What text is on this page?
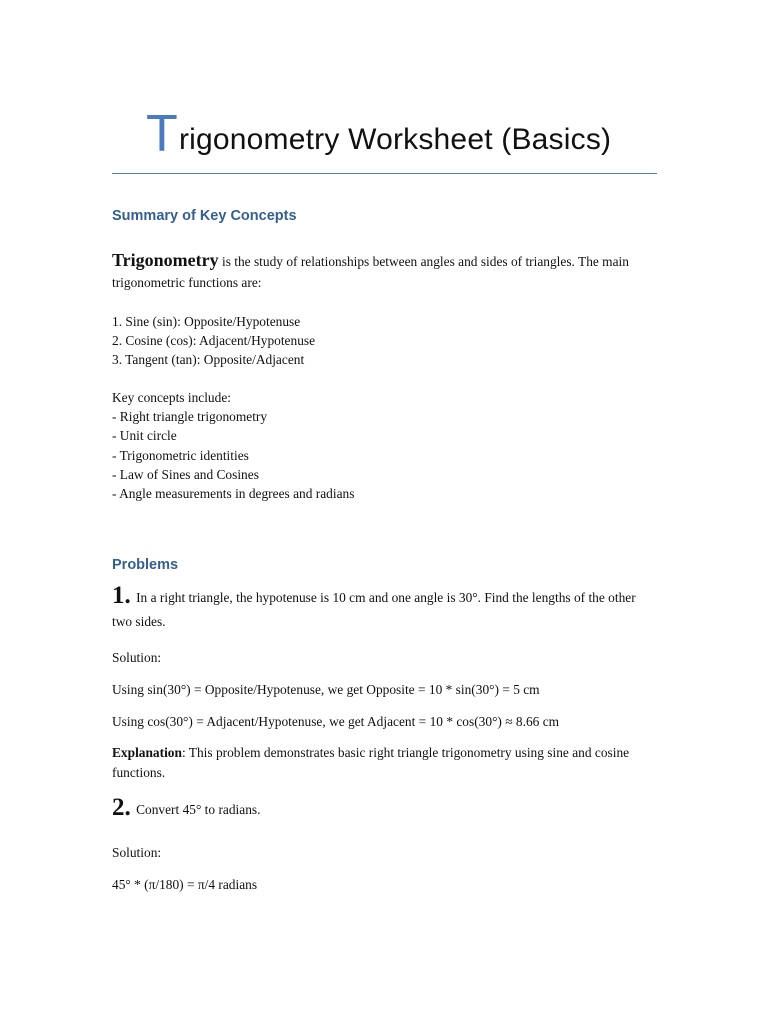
Trigonometry Worksheet (Basics)
Summary of Key Concepts
Trigonometry is the study of relationships between angles and sides of triangles. The main trigonometric functions are:
1. Sine (sin): Opposite/Hypotenuse
2. Cosine (cos): Adjacent/Hypotenuse
3. Tangent (tan): Opposite/Adjacent
Key concepts include:
- Right triangle trigonometry
- Unit circle
- Trigonometric identities
- Law of Sines and Cosines
- Angle measurements in degrees and radians
Problems
1. In a right triangle, the hypotenuse is 10 cm and one angle is 30°. Find the lengths of the other two sides.
Solution:
Using sin(30°) = Opposite/Hypotenuse, we get Opposite = 10 * sin(30°) = 5 cm
Using cos(30°) = Adjacent/Hypotenuse, we get Adjacent = 10 * cos(30°) ≈ 8.66 cm
Explanation: This problem demonstrates basic right triangle trigonometry using sine and cosine functions.
2. Convert 45° to radians.
Solution:
45° * (π/180) = π/4 radians
